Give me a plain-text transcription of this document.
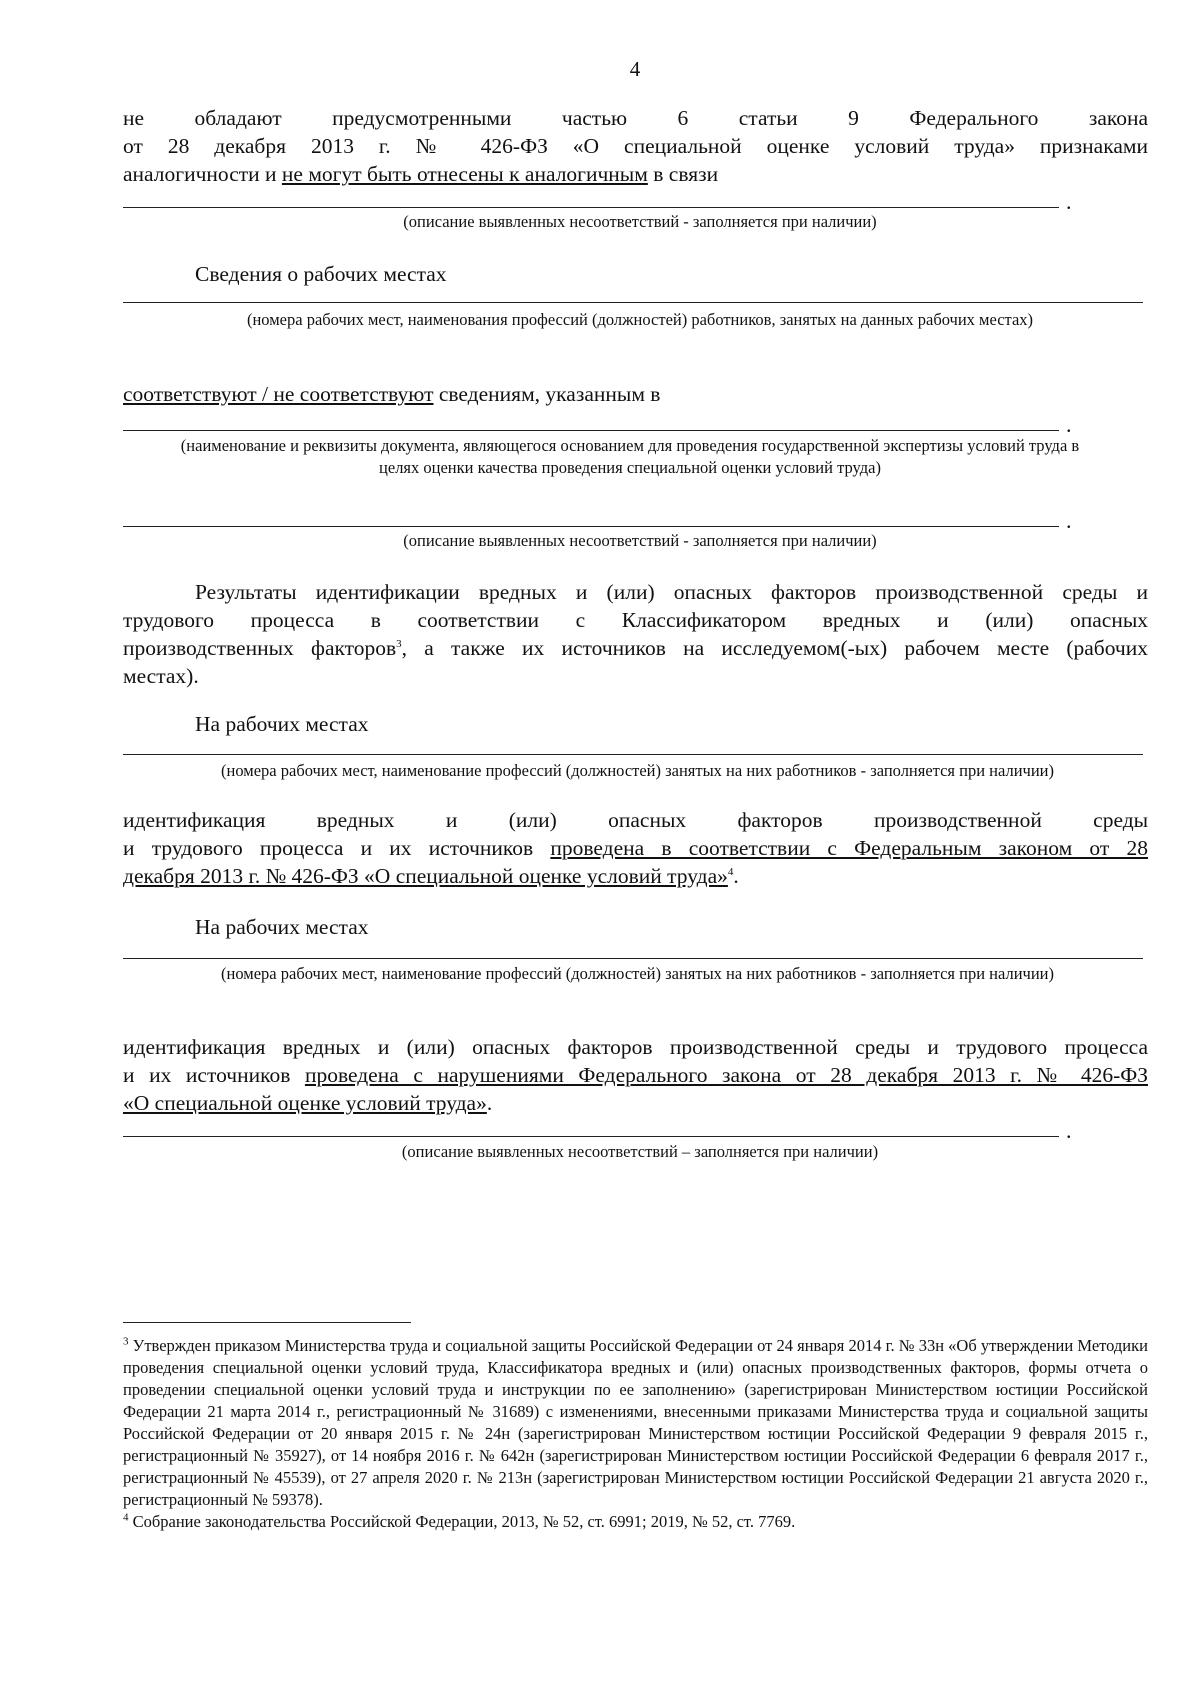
4

не обладают предусмотренными частью 6 статьи 9 Федерального закона

от 28 декабря 2013 г. № 426-ФЗ «О специальной оценке условий труда» признаками

аналогичности и не могут быть отнесены к аналогичным в связи

.
(описание выявленных несоответствий - заполняется при наличии)

Сведения о рабочих местах

(номера рабочих мест, наименования профессий (должностей) работников, занятых на данных рабочих местах)

соответствуют / не соответствуют сведениям, указанным в

.
(наименование и реквизиты документа, являющегося основанием для проведения государственной экспертизы условий труда в целях оценки качества проведения специальной оценки условий труда)
.
(описание выявленных несоответствий - заполняется при наличии)

Результаты идентификации вредных и (или) опасных факторов производственной среды и

трудового процесса в соответствии с Классификатором вредных и (или) опасных

производственных факторов$^3$, а также их источников на исследуемом(-ых) рабочем месте (рабочих

местах).

На рабочих местах

(номера рабочих мест, наименование профессий (должностей) занятых на них работников - заполняется при наличии)

идентификация вредных и (или) опасных факторов производственной среды

и трудового процесса и их источников проведена в соответствии с Федеральным законом от 28

декабря 2013 г. № 426-ФЗ «О специальной оценке условий труда»$^4$.

На рабочих местах

(номера рабочих мест, наименование профессий (должностей) занятых на них работников - заполняется при наличии)

идентификация вредных и (или) опасных факторов производственной среды и трудового процесса

и их источников проведена с нарушениями Федерального закона от 28 декабря 2013 г. № 426-ФЗ

«О специальной оценке условий труда».

.
(описание выявленных несоответствий – заполняется при наличии)

$^3$ Утвержден приказом Министерства труда и социальной защиты Российской Федерации от 24 января 2014 г. № 33н «Об утверждении Методики проведения специальной оценки условий труда, Классификатора вредных и (или) опасных производственных факторов, формы отчета о проведении специальной оценки условий труда и инструкции по ее заполнению» (зарегистрирован Министерством юстиции Российской Федерации 21 марта 2014 г., регистрационный № 31689) с изменениями, внесенными приказами Министерства труда и социальной защиты Российской Федерации от 20 января 2015 г. № 24н (зарегистрирован Министерством юстиции Российской Федерации 9 февраля 2015 г., регистрационный № 35927), от 14 ноября 2016 г. № 642н (зарегистрирован Министерством юстиции Российской Федерации 6 февраля 2017 г., регистрационный № 45539), от 27 апреля 2020 г. № 213н (зарегистрирован Министерством юстиции Российской Федерации 21 августа 2020 г., регистрационный № 59378).

$^4$ Собрание законодательства Российской Федерации, 2013, № 52, ст. 6991; 2019, № 52, ст. 7769.
